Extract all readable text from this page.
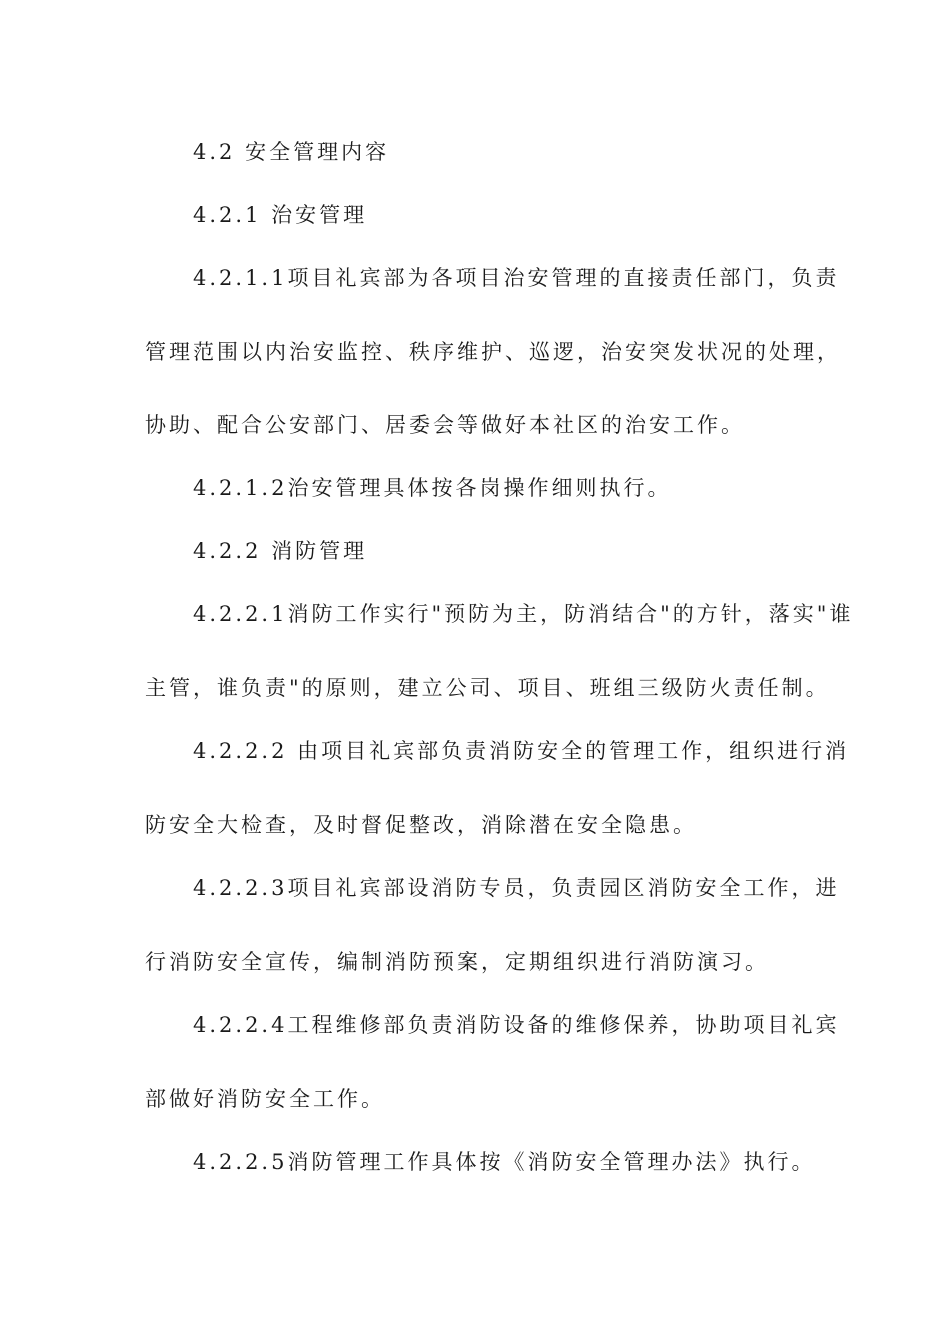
4.2 安全管理内容
4.2.1 治安管理
4.2.1.1项目礼宾部为各项目治安管理的直接责任部门，负责
管理范围以内治安监控、秩序维护、巡逻，治安突发状况的处理，
协助、配合公安部门、居委会等做好本社区的治安工作。
4.2.1.2治安管理具体按各岗操作细则执行。
4.2.2 消防管理
4.2.2.1消防工作实行"预防为主，防消结合"的方针，落实"谁
主管，谁负责"的原则，建立公司、项目、班组三级防火责任制。
4.2.2.2 由项目礼宾部负责消防安全的管理工作，组织进行消
防安全大检查，及时督促整改，消除潜在安全隐患。
4.2.2.3项目礼宾部设消防专员，负责园区消防安全工作，进
行消防安全宣传，编制消防预案，定期组织进行消防演习。
4.2.2.4工程维修部负责消防设备的维修保养，协助项目礼宾
部做好消防安全工作。
4.2.2.5消防管理工作具体按《消防安全管理办法》执行。
